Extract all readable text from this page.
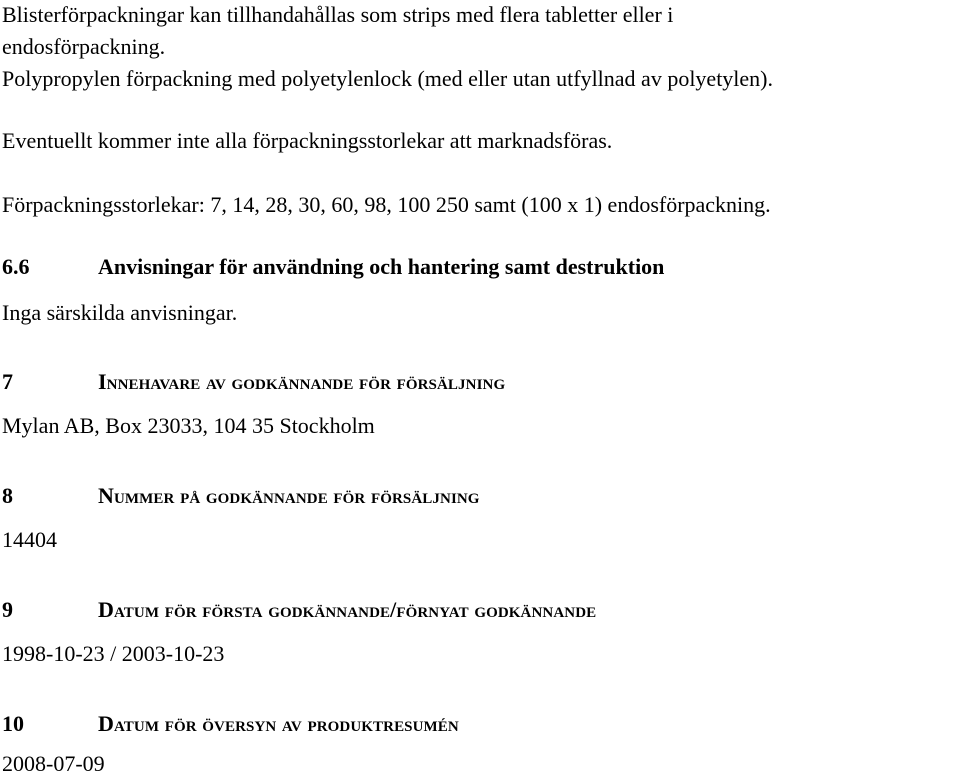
Blisterförpackningar kan tillhandahållas som strips med flera tabletter eller i
endosförpackning.
Polypropylen förpackning med polyetylenlock (med eller utan utfyllnad av polyetylen).
Eventuellt kommer inte alla förpackningsstorlekar att marknadsföras.
Förpackningsstorlekar: 7, 14, 28, 30, 60, 98, 100 250 samt (100 x 1) endosförpackning.
6.6	Anvisningar för användning och hantering samt destruktion
Inga särskilda anvisningar.
7	Innehavare av godkännande för försäljning
Mylan AB, Box 23033, 104 35 Stockholm
8	Nummer på godkännande för försäljning
14404
9	Datum för första godkännande/förnyat godkännande
1998-10-23 / 2003-10-23
10	Datum för översyn av produktresumén
2008-07-09
